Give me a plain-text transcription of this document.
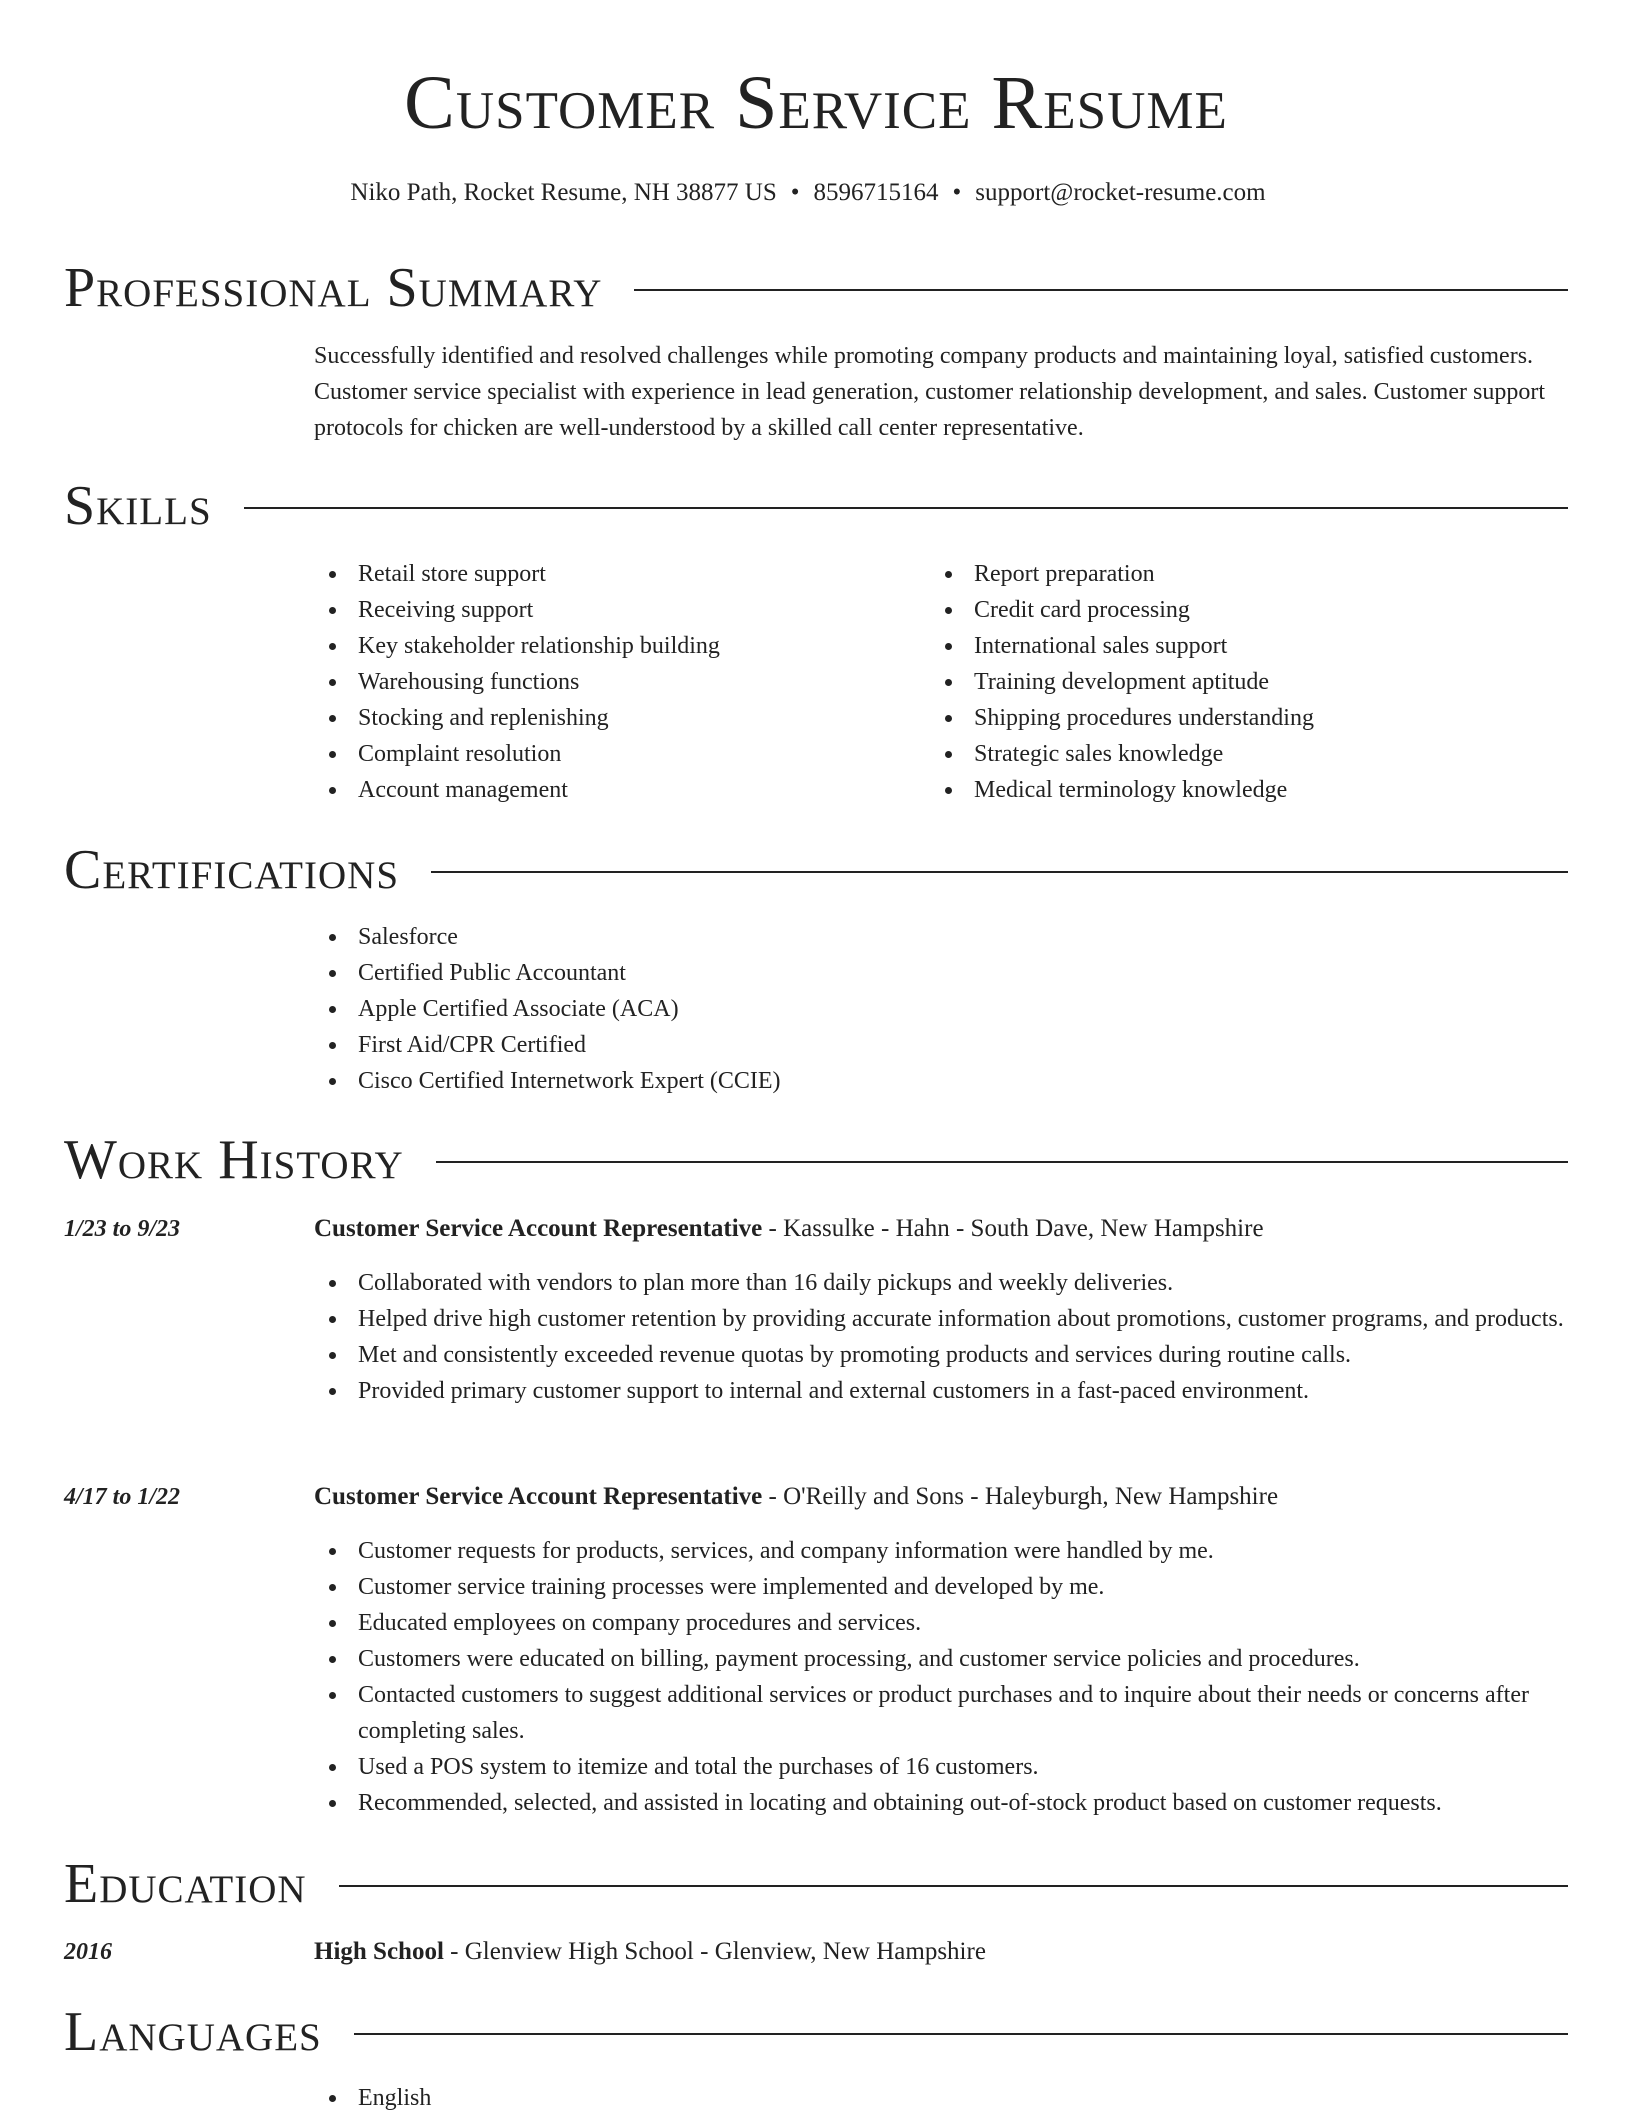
Customer Service Resume
Niko Path, Rocket Resume, NH 38877 US • 8596715164 • support@rocket-resume.com
Professional Summary
Successfully identified and resolved challenges while promoting company products and maintaining loyal, satisfied customers. Customer service specialist with experience in lead generation, customer relationship development, and sales. Customer support protocols for chicken are well-understood by a skilled call center representative.
Skills
Retail store support
Receiving support
Key stakeholder relationship building
Warehousing functions
Stocking and replenishing
Complaint resolution
Account management
Report preparation
Credit card processing
International sales support
Training development aptitude
Shipping procedures understanding
Strategic sales knowledge
Medical terminology knowledge
Certifications
Salesforce
Certified Public Accountant
Apple Certified Associate (ACA)
First Aid/CPR Certified
Cisco Certified Internetwork Expert (CCIE)
Work History
1/23 to 9/23	Customer Service Account Representative - Kassulke - Hahn - South Dave, New Hampshire
Collaborated with vendors to plan more than 16 daily pickups and weekly deliveries.
Helped drive high customer retention by providing accurate information about promotions, customer programs, and products.
Met and consistently exceeded revenue quotas by promoting products and services during routine calls.
Provided primary customer support to internal and external customers in a fast-paced environment.
4/17 to 1/22	Customer Service Account Representative - O'Reilly and Sons - Haleyburgh, New Hampshire
Customer requests for products, services, and company information were handled by me.
Customer service training processes were implemented and developed by me.
Educated employees on company procedures and services.
Customers were educated on billing, payment processing, and customer service policies and procedures.
Contacted customers to suggest additional services or product purchases and to inquire about their needs or concerns after completing sales.
Used a POS system to itemize and total the purchases of 16 customers.
Recommended, selected, and assisted in locating and obtaining out-of-stock product based on customer requests.
Education
2016	High School - Glenview High School - Glenview, New Hampshire
Languages
English
